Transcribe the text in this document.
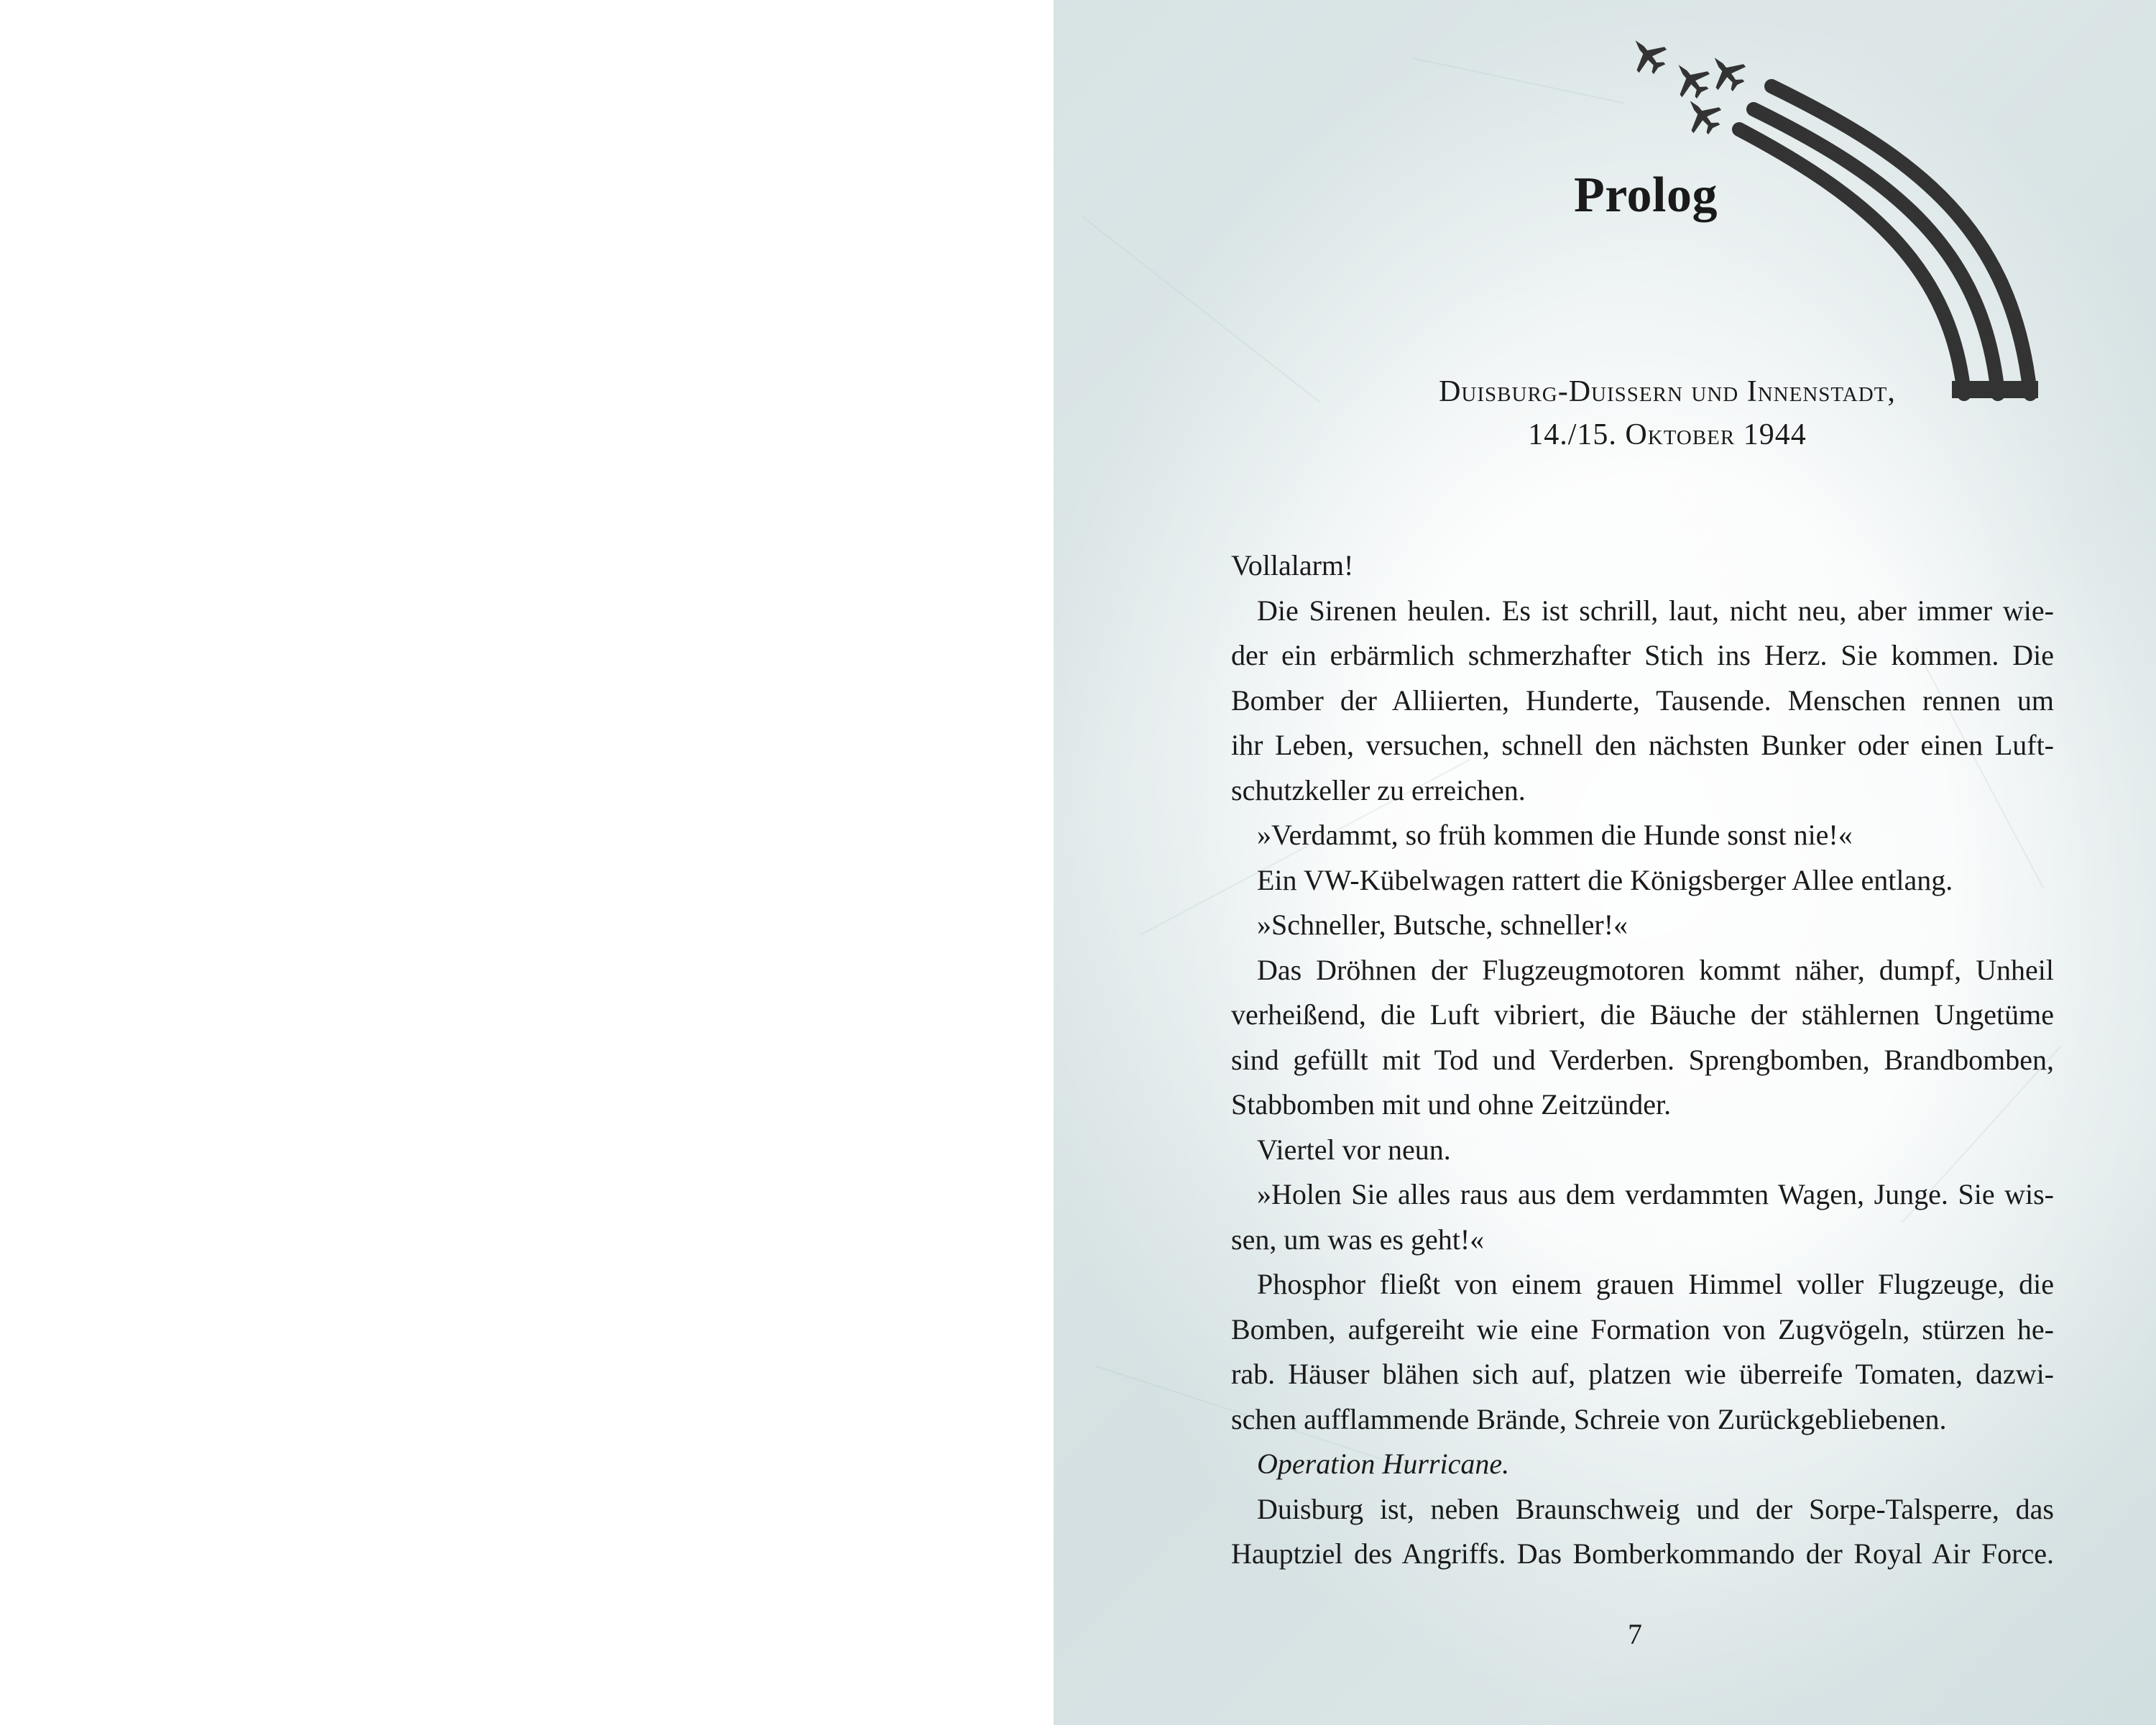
Prolog
Duisburg-Duissern und Innenstadt,
14./15. Oktober 1944
Vollalarm!
Die Sirenen heulen. Es ist schrill, laut, nicht neu, aber immer wie-
der ein erbärmlich schmerzhafter Stich ins Herz. Sie kommen. Die
Bomber der Alliierten, Hunderte, Tausende. Menschen rennen um
ihr Leben, versuchen, schnell den nächsten Bunker oder einen Luft-
schutzkeller zu erreichen.
»Verdammt, so früh kommen die Hunde sonst nie!«
Ein VW-Kübelwagen rattert die Königsberger Allee entlang.
»Schneller, Butsche, schneller!«
Das Dröhnen der Flugzeugmotoren kommt näher, dumpf, Unheil
verheißend, die Luft vibriert, die Bäuche der stählernen Ungetüme
sind gefüllt mit Tod und Verderben. Sprengbomben, Brandbomben,
Stabbomben mit und ohne Zeitzünder.
Viertel vor neun.
»Holen Sie alles raus aus dem verdammten Wagen, Junge. Sie wis-
sen, um was es geht!«
Phosphor fließt von einem grauen Himmel voller Flugzeuge, die
Bomben, aufgereiht wie eine Formation von Zugvögeln, stürzen he-
rab. Häuser blähen sich auf, platzen wie überreife Tomaten, dazwi-
schen aufflammende Brände, Schreie von Zurückgebliebenen.
Operation Hurricane.
Duisburg ist, neben Braunschweig und der Sorpe-Talsperre, das
Hauptziel des Angriffs. Das Bomberkommando der Royal Air Force.
7
